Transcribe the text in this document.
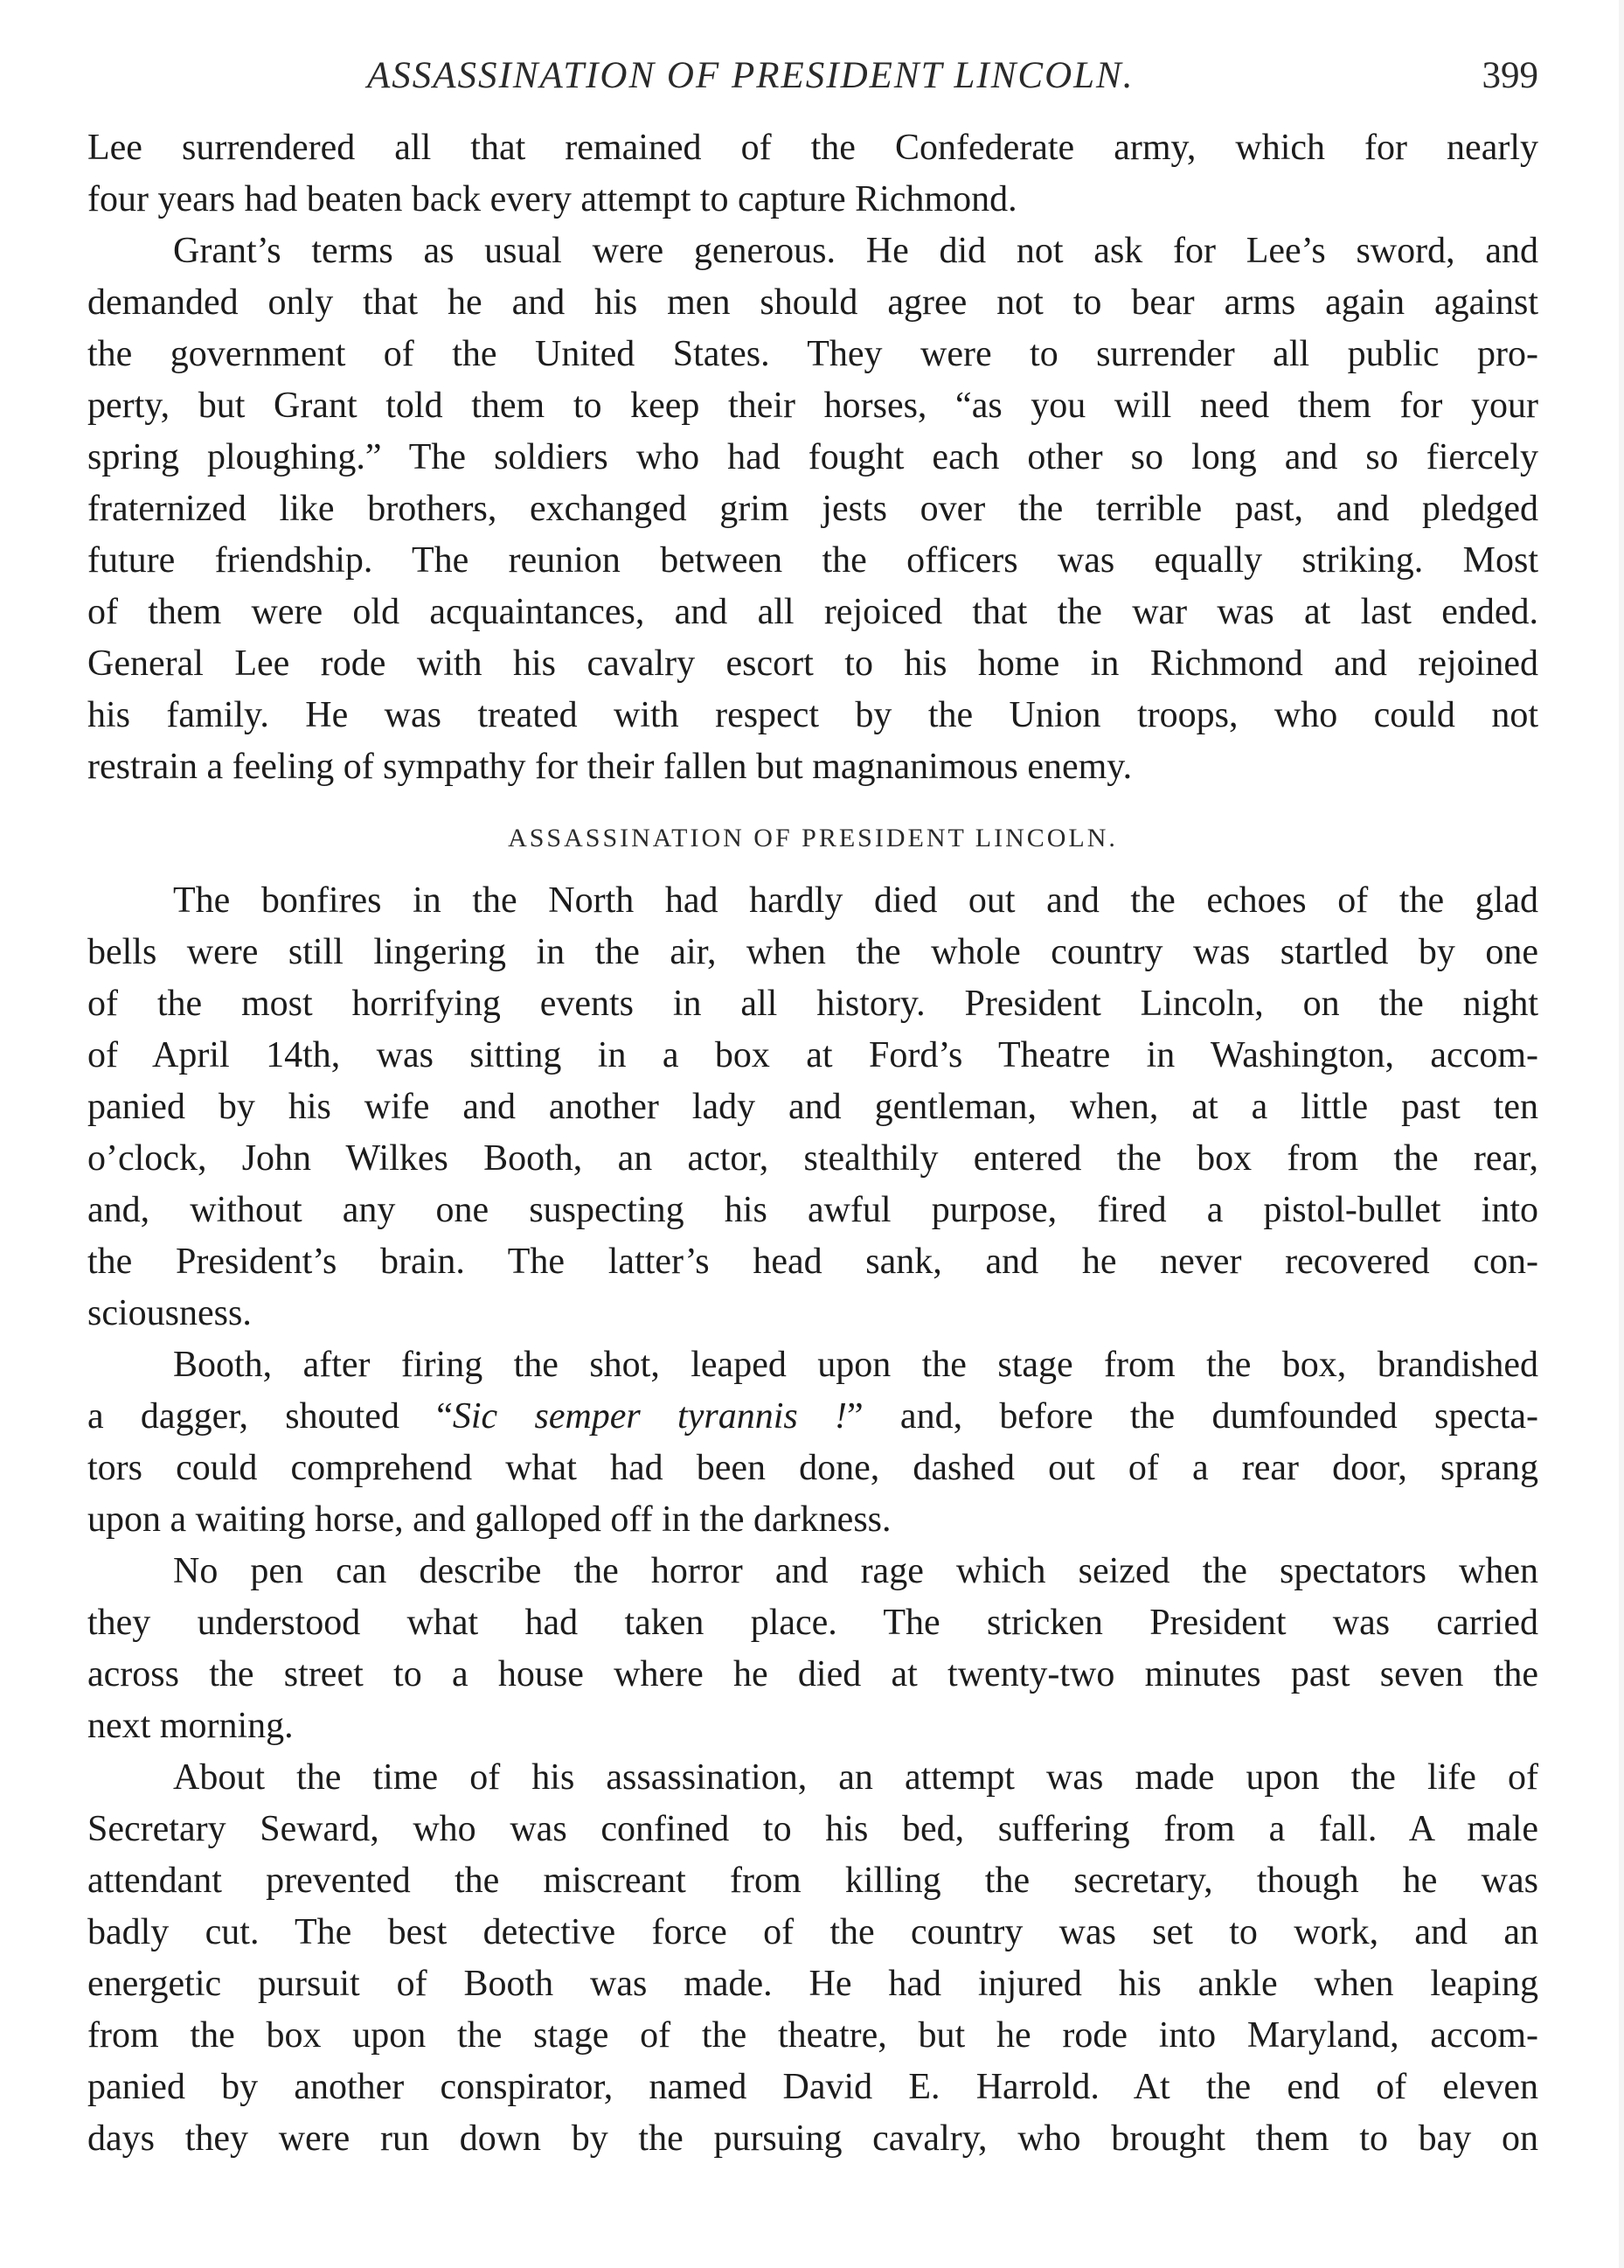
ASSASSINATION OF PRESIDENT LINCOLN.	399
Lee surrendered all that remained of the Confederate army, which for nearly
four years had beaten back every attempt to capture Richmond.
Grant’s terms as usual were generous. He did not ask for Lee’s sword, and
demanded only that he and his men should agree not to bear arms again against
the government of the United States. They were to surrender all public pro-
perty, but Grant told them to keep their horses, “as you will need them for your
spring ploughing.” The soldiers who had fought each other so long and so fiercely
fraternized like brothers, exchanged grim jests over the terrible past, and pledged
future friendship. The reunion between the officers was equally striking. Most
of them were old acquaintances, and all rejoiced that the war was at last ended.
General Lee rode with his cavalry escort to his home in Richmond and rejoined
his family. He was treated with respect by the Union troops, who could not
restrain a feeling of sympathy for their fallen but magnanimous enemy.
ASSASSINATION OF PRESIDENT LINCOLN.
The bonfires in the North had hardly died out and the echoes of the glad
bells were still lingering in the air, when the whole country was startled by one
of the most horrifying events in all history. President Lincoln, on the night
of April 14th, was sitting in a box at Ford’s Theatre in Washington, accom-
panied by his wife and another lady and gentleman, when, at a little past ten
o’clock, John Wilkes Booth, an actor, stealthily entered the box from the rear,
and, without any one suspecting his awful purpose, fired a pistol-bullet into
the President’s brain. The latter’s head sank, and he never recovered con-
sciousness.
Booth, after firing the shot, leaped upon the stage from the box, brandished
a dagger, shouted “Sic semper tyrannis !” and, before the dumfounded specta-
tors could comprehend what had been done, dashed out of a rear door, sprang
upon a waiting horse, and galloped off in the darkness.
No pen can describe the horror and rage which seized the spectators when
they understood what had taken place. The stricken President was carried
across the street to a house where he died at twenty-two minutes past seven the
next morning.
About the time of his assassination, an attempt was made upon the life of
Secretary Seward, who was confined to his bed, suffering from a fall. A male
attendant prevented the miscreant from killing the secretary, though he was
badly cut. The best detective force of the country was set to work, and an
energetic pursuit of Booth was made. He had injured his ankle when leaping
from the box upon the stage of the theatre, but he rode into Maryland, accom-
panied by another conspirator, named David E. Harrold. At the end of eleven
days they were run down by the pursuing cavalry, who brought them to bay on
